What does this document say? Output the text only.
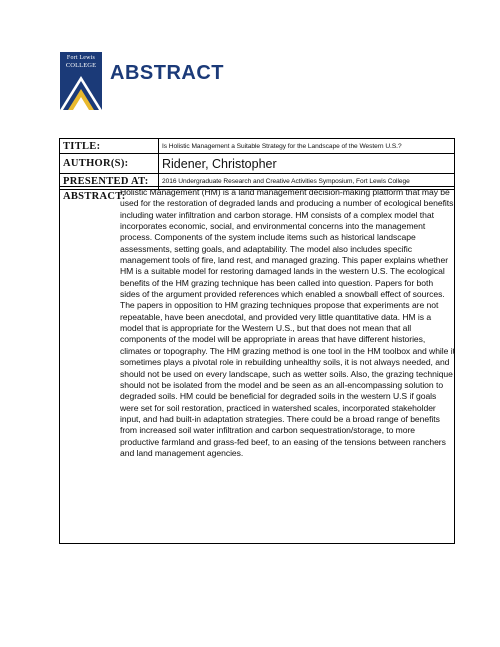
Fort Lewis
COLLEGE ABSTRACT
TITLE:	Is Holistic Management a Suitable Strategy for the Landscape of the Western U.S.?
AUTHOR(S):	Ridener, Christopher
PRESENTED AT:	2016 Undergraduate Research and Creative Activities Symposium, Fort Lewis College
ABSTRACT:

Holistic Management (HM) is a land management decision-making platform that may be used for the restoration of degraded lands and producing a number of ecological benefits including water infiltration and carbon storage. HM consists of a complex model that incorporates economic, social, and environmental concerns into the management process. Components of the system include items such as historical landscape assessments, setting goals, and adaptability. The model also includes specific management tools of fire, land rest, and managed grazing. This paper explains whether HM is a suitable model for restoring damaged lands in the western U.S. The ecological benefits of the HM grazing technique has been called into question. Papers for both sides of the argument provided references which enabled a snowball effect of sources. The papers in opposition to HM grazing techniques propose that experiments are not repeatable, have been anecdotal, and provided very little quantitative data. HM is a model that is appropriate for the Western U.S., but that does not mean that all components of the model will be appropriate in areas that have different histories, climates or topography. The HM grazing method is one tool in the HM toolbox and while it sometimes plays a pivotal role in rebuilding unhealthy soils, it is not always needed, and should not be used on every landscape, such as wetter soils. Also, the grazing technique should not be isolated from the model and be seen as an all-encompassing solution to degraded soils. HM could be beneficial for degraded soils in the western U.S if goals were set for soil restoration, practiced in watershed scales, incorporated stakeholder input, and had built-in adaptation strategies. There could be a broad range of benefits from increased soil water infiltration and carbon sequestration/storage, to more productive farmland and grass-fed beef, to an easing of the tensions between ranchers and land management agencies.
